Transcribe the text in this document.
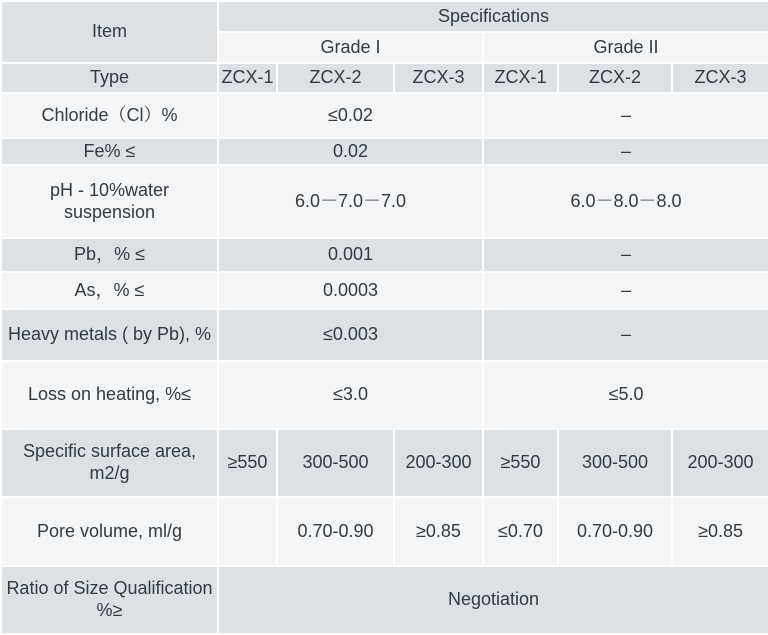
Item	Specifications					
	Grade I			Grade II		
Type	ZCX-1	ZCX-2	ZCX-3	ZCX-1	ZCX-2	ZCX-3
Chloride（Cl）%	≤0.02			–		
Fe% ≤	0.02			–		
pH - 10%water suspension	6.0－7.0－7.0			6.0－8.0－8.0		
Pb，% ≤	0.001			–		
As，% ≤	0.0003			–		
Heavy metals ( by Pb), %	≤0.003			–		
Loss on heating, %≤	≤3.0			≤5.0		
Specific surface area, m2/g	≥550	300-500	200-300	≥550	300-500	200-300
Pore volume, ml/g		0.70-0.90	≥0.85	≤0.70	0.70-0.90	≥0.85
Ratio of Size Qualification %≥	Negotiation					
